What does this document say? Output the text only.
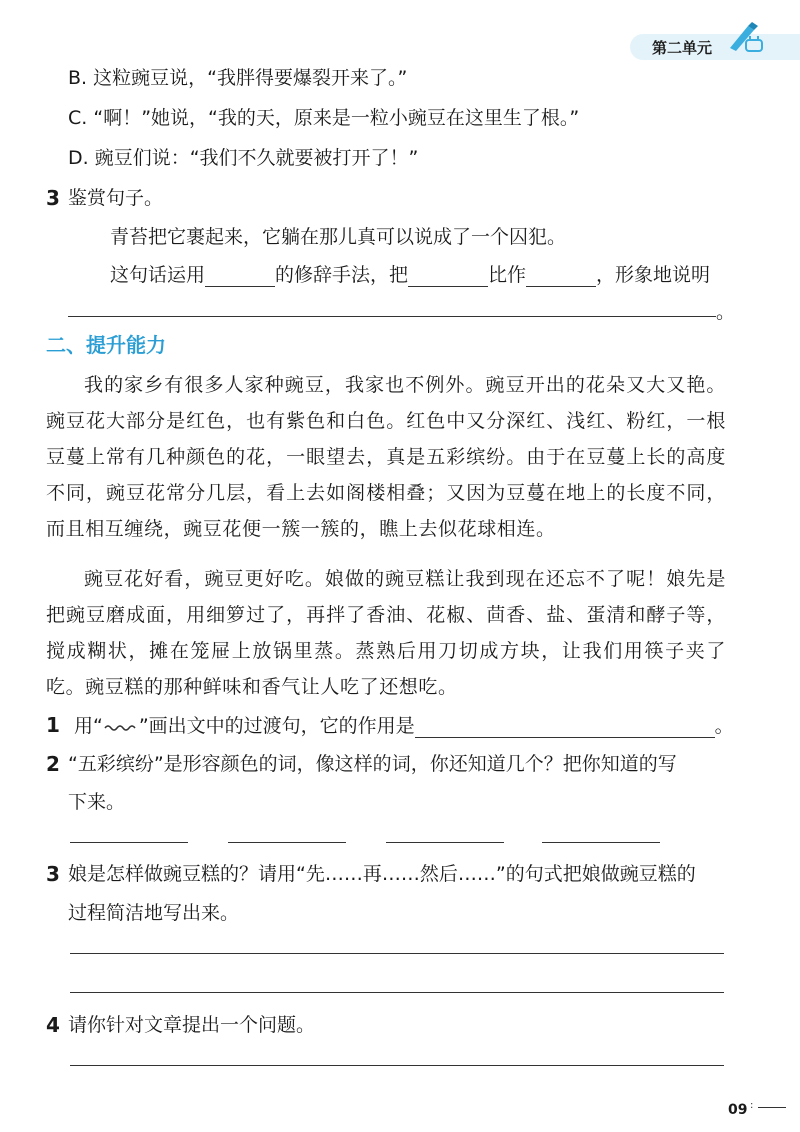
第二单元
B. 这粒豌豆说，“我胖得要爆裂开来了。”
C. “啊！”她说，“我的天，原来是一粒小豌豆在这里生了根。”
D. 豌豆们说：“我们不久就要被打开了！”
3 鉴赏句子。
青苔把它裹起来，它躺在那儿真可以说成了一个囚犯。
这句话运用	的修辞手法，把	比作	，形象地说明
。
二、提升能力

我的家乡有很多人家种豌豆，我家也不例外。豌豆开出的花朵又大又艳。豌豆花大部分是红色，也有紫色和白色。红色中又分深红、浅红、粉红，一根豆蔓上常有几种颜色的花，一眼望去，真是五彩缤纷。由于在豆蔓上长的高度不同，豌豆花常分几层，看上去如阁楼相叠；又因为豆蔓在地上的长度不同，而且相互缠绕，豌豆花便一簇一簇的，瞧上去似花球相连。

豌豆花好看，豌豆更好吃。娘做的豌豆糕让我到现在还忘不了呢！娘先是把豌豆磨成面，用细箩过了，再拌了香油、花椒、茴香、盐、蛋清和酵子等，搅成糊状，摊在笼屉上放锅里蒸。蒸熟后用刀切成方块，让我们用筷子夹了吃。豌豆糕的那种鲜味和香气让人吃了还想吃。

1 用“ ”画出文中的过渡句，它的作用是	。
2 “五彩缤纷”是形容颜色的词，像这样的词，你还知道几个？把你知道的写
下来。
3 娘是怎样做豌豆糕的？请用“先……再……然后……”的句式把娘做豌豆糕的
过程简洁地写出来。
4 请你针对文章提出一个问题。
09 :
